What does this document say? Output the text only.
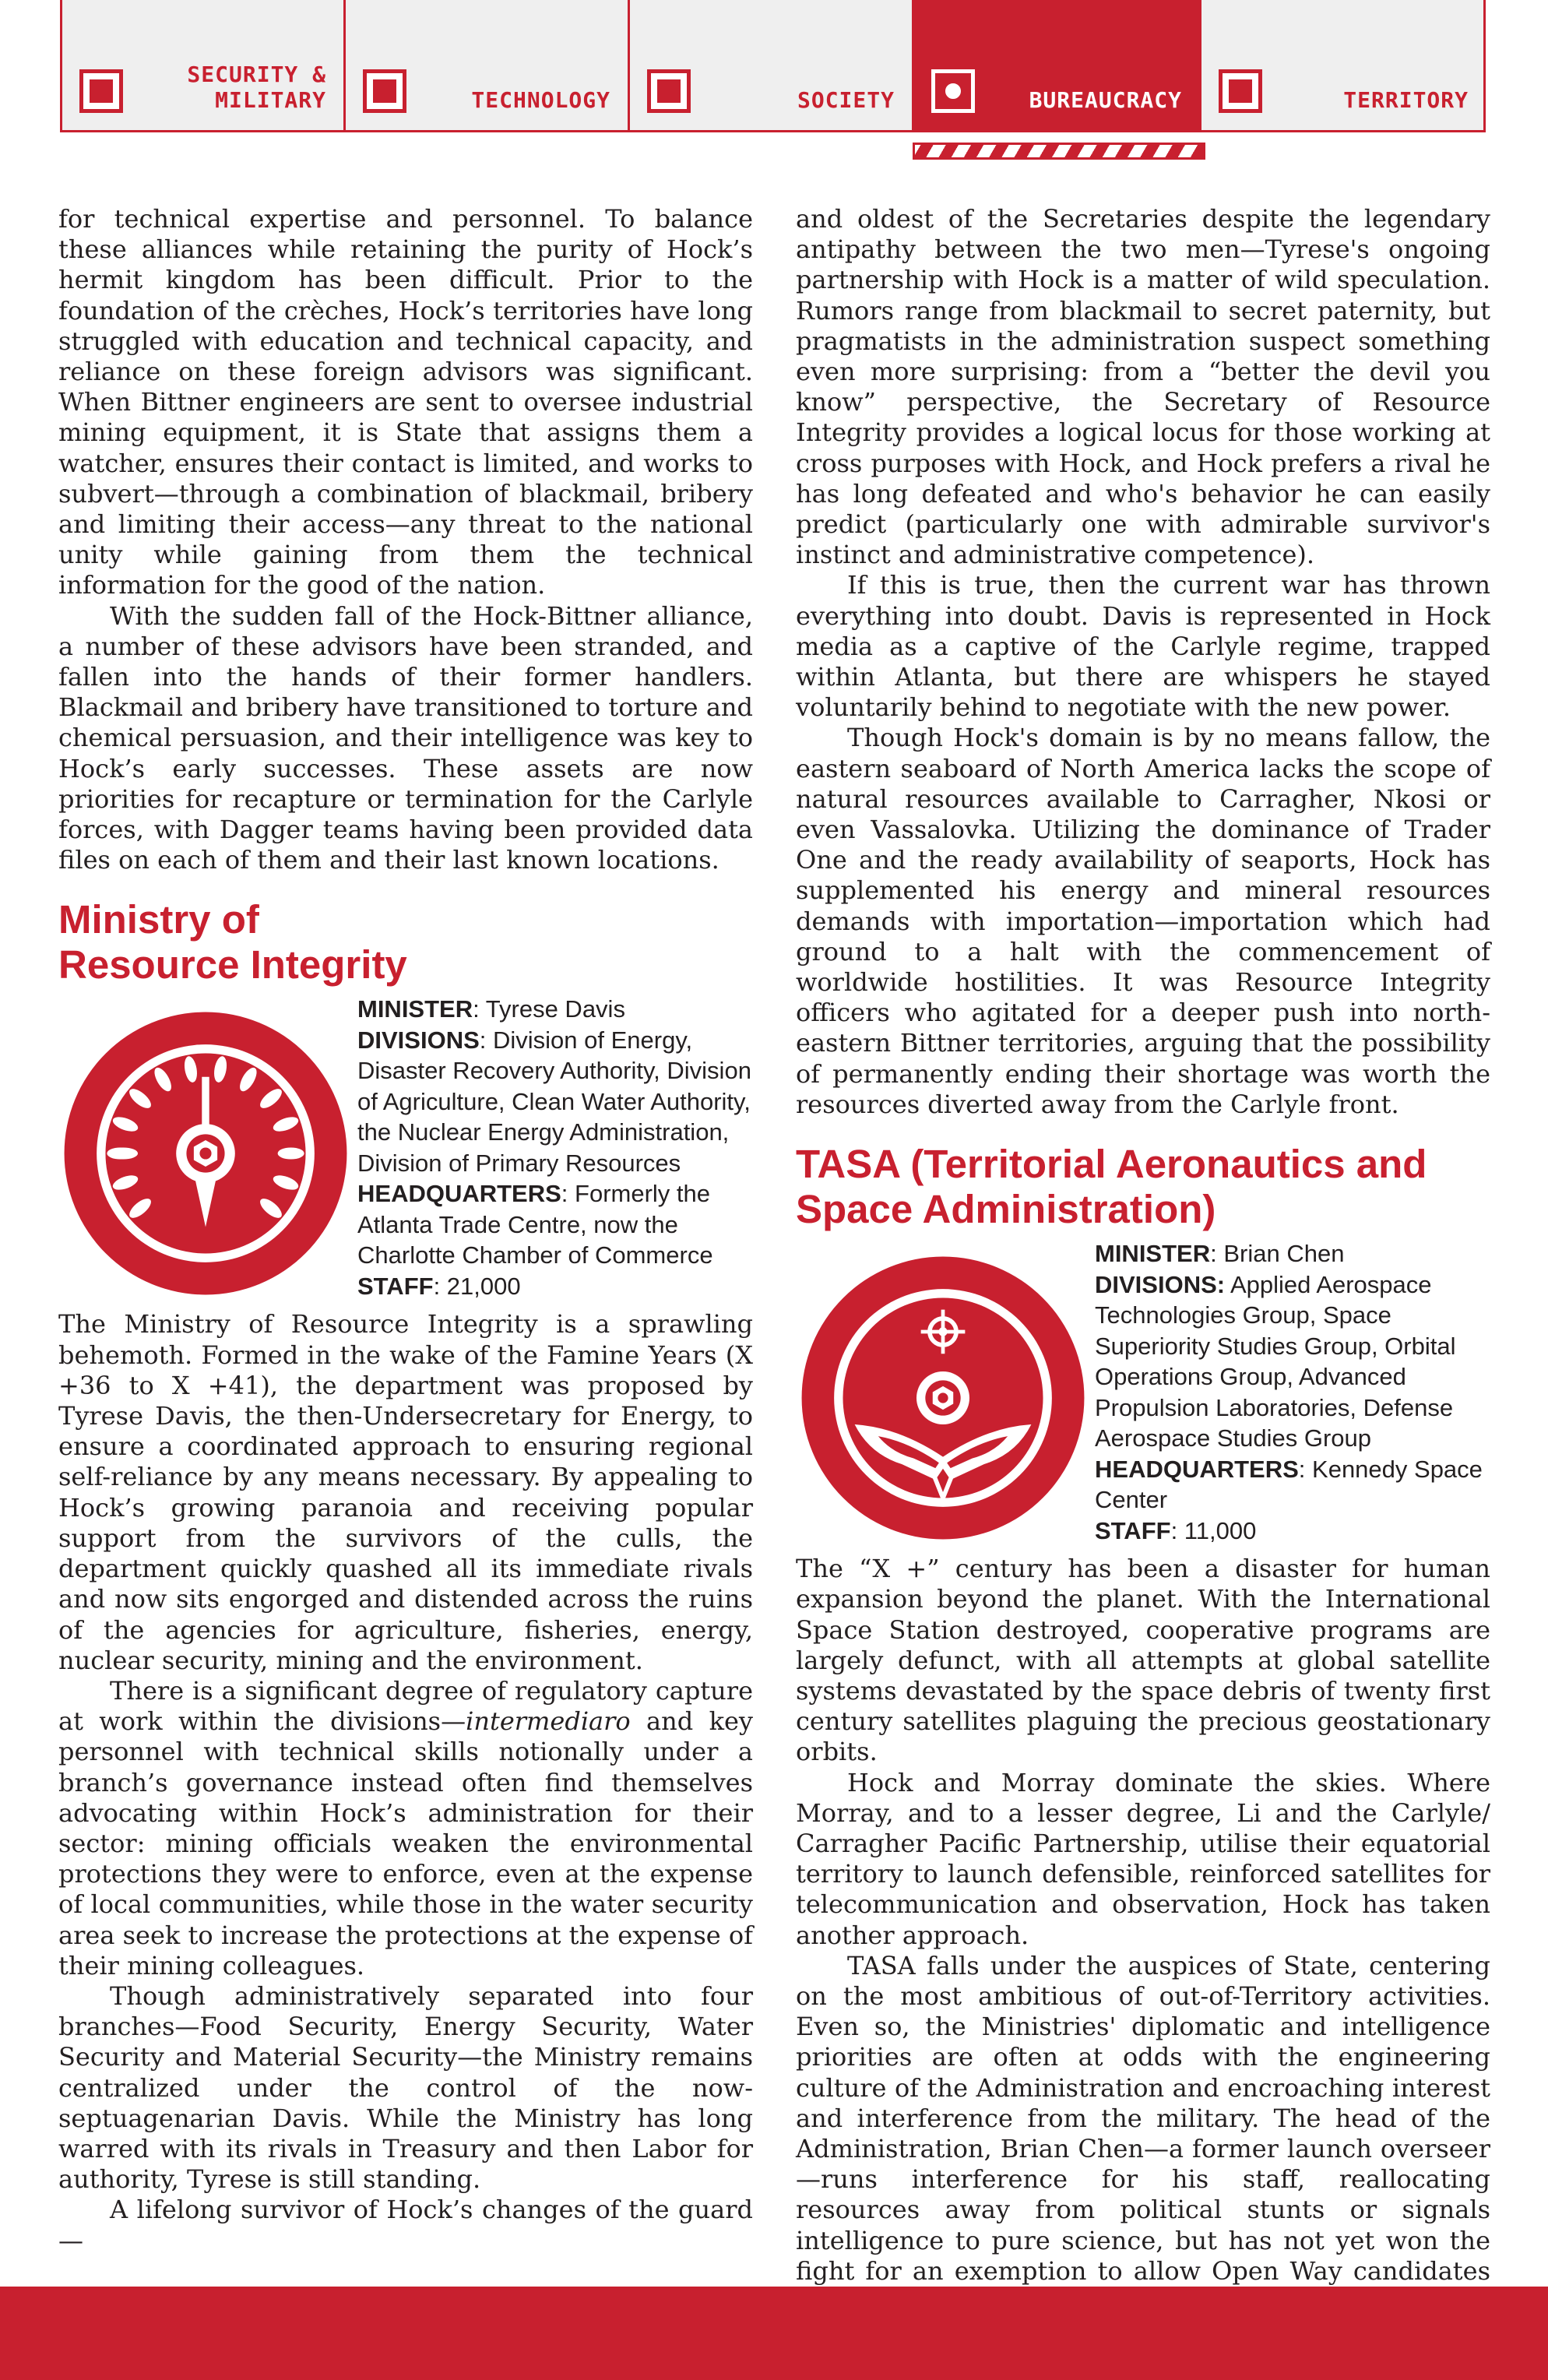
SECURITY &
MILITARY	TECHNOLOGY	SOCIETY	BUREAUCRACY	TERRITORY

for technical expertise and personnel. To balance these alliances while retaining the purity of Hock’s hermit kingdom has been difficult. Prior to the foundation of the crèches, Hock’s territories have long struggled with education and technical capacity, and reliance on these foreign advisors was significant. When Bittner engineers are sent to oversee industrial mining equipment, it is State that assigns them a watcher, ensures their contact is limited, and works to subvert—through a combination of blackmail, bribery and limiting their access—any threat to the national unity while gaining from them the technical information for the good of the nation.

With the sudden fall of the Hock-Bittner alliance, a number of these advisors have been stranded, and fallen into the hands of their former handlers. Blackmail and bribery have transitioned to torture and chemical persuasion, and their intelligence was key to Hock’s early successes. These assets are now priorities for recapture or termination for the Carlyle forces, with Dagger teams having been provided data files on each of them and their last known locations.

Ministry of
Resource Integrity
MINISTER: Tyrese Davis
DIVISIONS: Division of Energy, Disaster Recovery Authority, Division of Agriculture, Clean Water Authority, the Nuclear Energy Administration, Division of Primary Resources
HEADQUARTERS: Formerly the Atlanta Trade Centre, now the Charlotte Chamber of Commerce
STAFF: 21,000

The Ministry of Resource Integrity is a sprawling behemoth. Formed in the wake of the Famine Years (X +36 to X +41), the department was proposed by Tyrese Davis, the then-Undersecretary for Energy, to ensure a coordinated approach to ensuring regional self-reliance by any means necessary. By appealing to Hock’s growing paranoia and receiving popular support from the survivors of the culls, the department quickly quashed all its immediate rivals and now sits engorged and distended across the ruins of the agencies for agriculture, fisheries, energy, nuclear security, mining and the environment.

There is a significant degree of regulatory capture at work within the divisions—intermediaro and key personnel with technical skills notionally under a branch’s governance instead often find themselves advocating within Hock’s administration for their sector: mining officials weaken the environmental protections they were to enforce, even at the expense of local communities, while those in the water security area seek to increase the protections at the expense of their mining colleagues.

Though administratively separated into four branches—Food Security, Energy Security, Water Security and Material Security—the Ministry remains centralized under the control of the now-septuagenarian Davis. While the Ministry has long warred with its rivals in Treasury and then Labor for authority, Tyrese is still standing.

A lifelong survivor of Hock’s changes of the guard—

and oldest of the Secretaries despite the legendary antipathy between the two men—Tyrese's ongoing partnership with Hock is a matter of wild speculation. Rumors range from blackmail to secret paternity, but pragmatists in the administration suspect something even more surprising: from a “better the devil you know” perspective, the Secretary of Resource Integrity provides a logical locus for those working at cross purposes with Hock, and Hock prefers a rival he has long defeated and who's behavior he can easily predict (particularly one with admirable survivor's instinct and administrative competence).

If this is true, then the current war has thrown everything into doubt. Davis is represented in Hock media as a captive of the Carlyle regime, trapped within Atlanta, but there are whispers he stayed voluntarily behind to negotiate with the new power.

Though Hock's domain is by no means fallow, the eastern seaboard of North America lacks the scope of natural resources available to Carragher, Nkosi or even Vassalovka. Utilizing the dominance of Trader One and the ready availability of seaports, Hock has supplemented his energy and mineral resources demands with importation—importation which had ground to a halt with the commencement of worldwide hostilities. It was Resource Integrity officers who agitated for a deeper push into north-eastern Bittner territories, arguing that the possibility of permanently ending their shortage was worth the resources diverted away from the Carlyle front.

TASA (Territorial Aeronautics and
Space Administration)
MINISTER: Brian Chen
DIVISIONS: Applied Aerospace Technologies Group, Space Superiority Studies Group, Orbital Operations Group, Advanced Propulsion Laboratories, Defense Aerospace Studies Group
HEADQUARTERS: Kennedy Space Center
STAFF: 11,000

The “X +” century has been a disaster for human expansion beyond the planet. With the International Space Station destroyed, cooperative programs are largely defunct, with all attempts at global satellite systems devastated by the space debris of twenty first century satellites plaguing the precious geostationary orbits.

Hock and Morray dominate the skies. Where Morray, and to a lesser degree, Li and the Carlyle/ Carragher Pacific Partnership, utilise their equatorial territory to launch defensible, reinforced satellites for telecommunication and observation, Hock has taken another approach.

TASA falls under the auspices of State, centering on the most ambitious of out-of-Territory activities. Even so, the Ministries' diplomatic and intelligence priorities are often at odds with the engineering culture of the Administration and encroaching interest and interference from the military. The head of the Administration, Brian Chen—a former launch overseer—runs interference for his staff, reallocating resources away from political stunts or signals intelligence to pure science, but has not yet won the fight for an exemption to allow Open Way candidates
